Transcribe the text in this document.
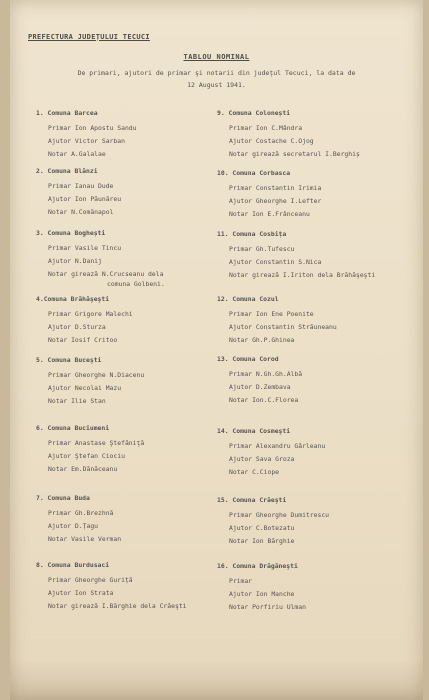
PREFECTURA JUDEȚULUI TECUCI
TABLOU NOMINAL
De primari, ajutori de primar şi notarii din județul Tecuci, la data de
12 August 1941.
1. Comuna Barcea
Primar Ion Apostu Sandu
Ajutor Victor Sarban
Notar A.Galalae
2. Comuna Blănzi
Primar Ianau Dude
Ajutor Ion Păunăreu
Notar N.Comănapol
3. Comuna Boghești
Primar Vasile Tincu
Ajutor N.Danij
Notar girează N.Crucseanu dela
comuna Golbeni.
4.Comuna Brăhăşeşti
Primar Grigore Malechi
Ajutor D.Sturza
Notar Iosif Critoo
5. Comuna Buceşti
Primar Gheorghe N.Diacenu
Ajutor Necolai Mazu
Notar Ilie Stan
6. Comuna Buciumeni
Primar Anastase Ştefăniţă
Ajutor Ştefan Ciociu
Notar Em.Dănăceanu
7. Comuna Buda
Primar Gh.Brezhnă
Ajutor D.Țagu
Notar Vasile Verman
8. Comuna Burdusaci
Primar Gheorghe Guriță
Ajutor Ion Strata
Notar girează I.Bărghie dela Crăeşti
9. Comuna Colonești
Primar Ion C.Mândra
Ajutor Costache C.Ojog
Notar girează secretarul I.Berghiș
10. Comuna Corbasca
Primar Constantin Irimia
Ajutor Gheorghe I.Lefter
Notar Ion E.Frânceanu
11. Comuna Cosbița
Primar Gh.Tufescu
Ajutor Constantin S.Nica
Notar girează I.Iriton dela Brăhăşeşti
12. Comuna Cozul
Primar Ion Ene Poenite
Ajutor Constantin Străuneanu
Notar Gh.P.Ghinea
13. Comuna Corod
Primar N.Gh.Gh.Albă
Ajutor D.Zembava
Notar Ion.C.Florea
14. Comuna Cosmeşti
Primar Alexandru Gârleanu
Ajutor Sava Groza
Notar C.Ciope
15. Comuna Crăeşti
Primar Gheorghe Dumitrescu
Ajutor C.Botezatu
Notar Ion Bărghie
16. Comuna Drăgăneşti
Primar
Ajutor Ion Manche
Notar Porfiriu Ulman
